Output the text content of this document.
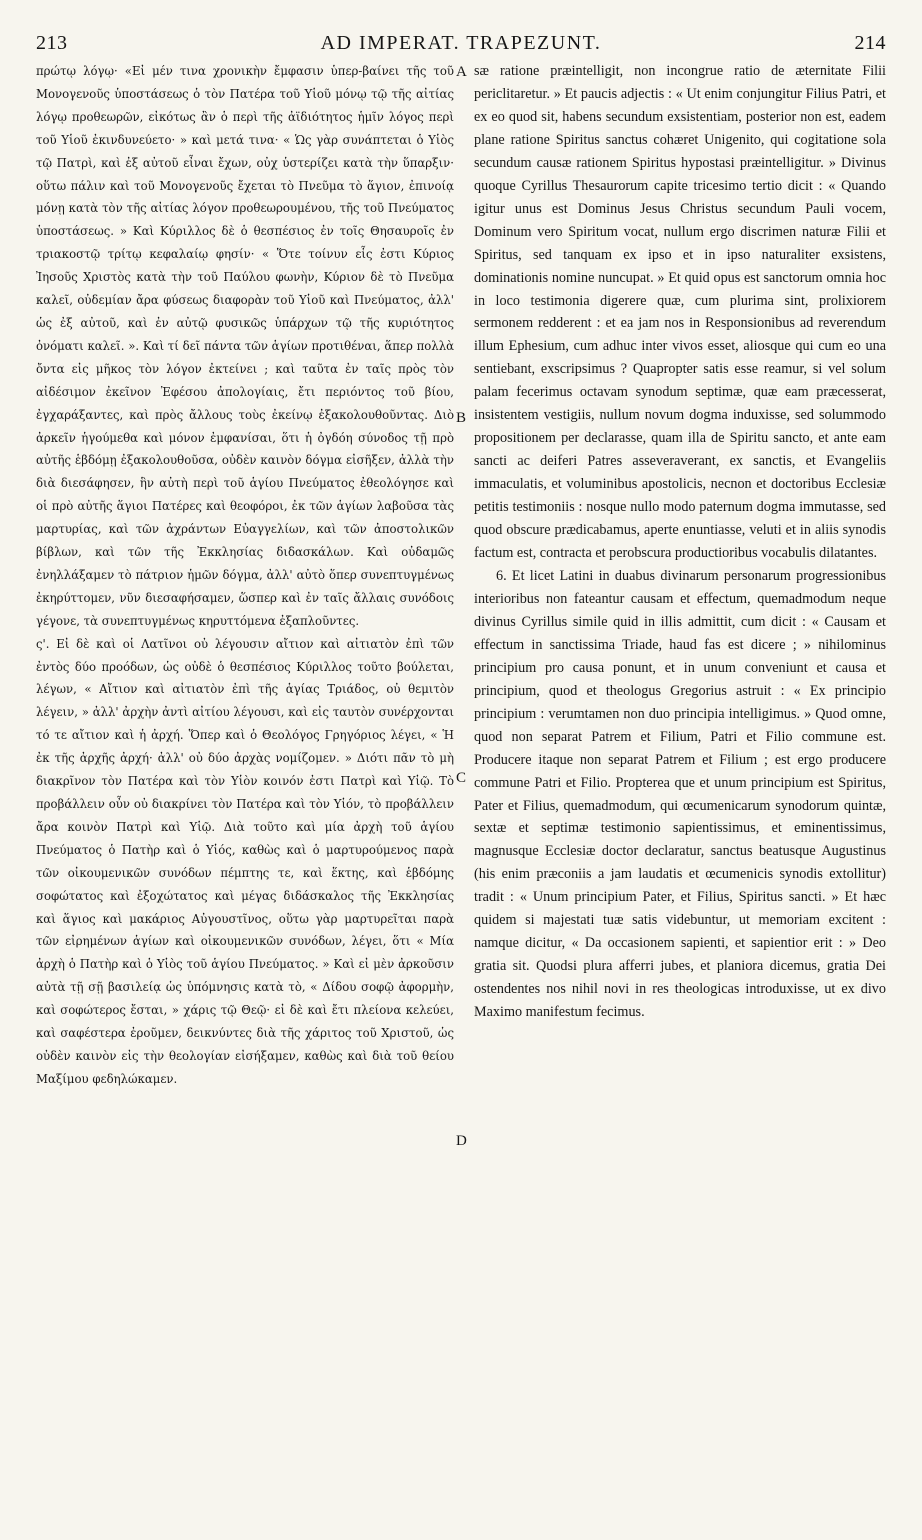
213	AD IMPERAT. TRAPEZUNT.	214

πρώτῳ λόγῳ· «Εἰ μέν τινα χρονικὴν ἔμφασιν ὑπερ-βαίνει τῆς τοῦ Μονογενοῦς ὑποστάσεως ὁ τὸν Πατέρα τοῦ Υἱοῦ μόνῳ τῷ τῆς αἰτίας λόγῳ προθεωρῶν, εἰκότως ἂν ὁ περὶ τῆς ἀϊδιότητος ἡμῖν λόγος περὶ τοῦ Υἱοῦ ἐκινδυνεύετο· » καὶ μετά τινα· « Ὡς γὰρ συνάπτεται ὁ Υἱὸς τῷ Πατρὶ, καὶ ἐξ αὐτοῦ εἶναι ἔχων, οὐχ ὑστερίζει κατὰ τὴν ὕπαρξιν· οὕτω πάλιν καὶ τοῦ Μονογενοῦς ἔχεται τὸ Πνεῦμα τὸ ἅγιον, ἐπινοίᾳ μόνῃ κατὰ τὸν τῆς αἰτίας λόγον προθεωρουμένου, τῆς τοῦ Πνεύματος ὑποστάσεως. » Καὶ Κύριλλος δὲ ὁ θεσπέσιος ἐν τοῖς Θησαυροῖς ἐν τριακοστῷ τρίτῳ κεφαλαίῳ φησίν· « Ὅτε τοίνυν εἷς ἐστι Κύριος Ἰησοῦς Χριστὸς κατὰ τὴν τοῦ Παύλου φωνὴν, Κύριον δὲ τὸ Πνεῦμα καλεῖ, οὐδεμίαν ἄρα φύσεως διαφορὰν τοῦ Υἱοῦ καὶ Πνεύματος, ἀλλ' ὡς ἐξ αὐτοῦ, καὶ ἐν αὐτῷ φυσικῶς ὑπάρχων τῷ τῆς κυριότητος ὀνόματι καλεῖ. ». Καὶ τί δεῖ πάντα τῶν ἁγίων προτιθέναι, ἅπερ πολλὰ ὄντα εἰς μῆκος τὸν λόγον ἐκτείνει ; καὶ ταῦτα ἐν ταῖς πρὸς τὸν αἰδέσιμον ἐκεῖνον Ἐφέσου ἀπολογίαις, ἔτι περιόντος τοῦ βίου, ἐγχαράξαντες, καὶ πρὸς ἄλλους τοὺς ἐκείνῳ ἐξακολουθοῦντας. Διὸ ἀρκεῖν ἡγούμεθα καὶ μόνον ἐμφανίσαι, ὅτι ἡ ὀγδόη σύνοδος τῇ πρὸ αὐτῆς ἑβδόμῃ ἐξακολουθοῦσα, οὐδὲν καινὸν δόγμα εἰσῆξεν, ἀλλὰ τὴν διὰ διεσάφησεν, ἣν αὐτὴ περὶ τοῦ ἁγίου Πνεύματος ἐθεολόγησε καὶ οἱ πρὸ αὐτῆς ἅγιοι Πατέρες καὶ θεοφόροι, ἐκ τῶν ἁγίων λαβοῦσα τὰς μαρτυρίας, καὶ τῶν ἀχράντων Εὐαγγελίων, καὶ τῶν ἀποστολικῶν βίβλων, καὶ τῶν τῆς Ἐκκλησίας διδασκάλων. Καὶ οὐδαμῶς ἐνηλλάξαμεν τὸ πάτριον ἡμῶν δόγμα, ἀλλ' αὐτὸ ὅπερ συνεπτυγμένως ἐκηρύττομεν, νῦν διεσαφήσαμεν, ὥσπερ καὶ ἐν ταῖς ἄλλαις συνόδοις γέγονε, τὰ συνεπτυγμένως κηρυττόμενα ἐξαπλοῦντες.

ς'. Εἰ δὲ καὶ οἱ Λατῖνοι οὐ λέγουσιν αἴτιον καὶ αἰτιατὸν ἐπὶ τῶν ἐντὸς δύο προόδων, ὡς οὐδὲ ὁ θεσπέσιος Κύριλλος τοῦτο βούλεται, λέγων, « Αἴτιον καὶ αἰτιατὸν ἐπὶ τῆς ἁγίας Τριάδος, οὐ θεμιτὸν λέγειν, » ἀλλ' ἀρχὴν ἀντὶ αἰτίου λέγουσι, καὶ εἰς ταυτὸν συνέρχονται τό τε αἴτιον καὶ ἡ ἀρχή. Ὅπερ καὶ ὁ Θεολόγος Γρηγόριος λέγει, « Ἡ ἐκ τῆς ἀρχῆς ἀρχή· ἀλλ' οὐ δύο ἀρχὰς νομίζομεν. » Διότι πᾶν τὸ μὴ διακρῖνον τὸν Πατέρα καὶ τὸν Υἱὸν κοινόν ἐστι Πατρὶ καὶ Υἱῷ. Τὸ προβάλλειν οὖν οὐ διακρίνει τὸν Πατέρα καὶ τὸν Υἱόν, τὸ προβάλλειν ἄρα κοινὸν Πατρὶ καὶ Υἱῷ. Διὰ τοῦτο καὶ μία ἀρχὴ τοῦ ἁγίου Πνεύματος ὁ Πατὴρ καὶ ὁ Υἱός, καθὼς καὶ ὁ μαρτυρούμενος παρὰ τῶν οἰκουμενικῶν συνόδων πέμπτης τε, καὶ ἕκτης, καὶ ἑβδόμης σοφώτατος καὶ ἐξοχώτατος καὶ μέγας διδάσκαλος τῆς Ἐκκλησίας καὶ ἅγιος καὶ μακάριος Αὐγουστῖνος, οὕτω γὰρ μαρτυρεῖται παρὰ τῶν εἰρημένων ἁγίων καὶ οἰκουμενικῶν συνόδων, λέγει, ὅτι « Μία ἀρχὴ ὁ Πατὴρ καὶ ὁ Υἱὸς τοῦ ἁγίου Πνεύματος. » Καὶ εἰ μὲν ἀρκοῦσιν αὐτὰ τῇ σῇ βασιλείᾳ ὡς ὑπόμνησις κατὰ τὸ, « Δίδου σοφῷ ἀφορμὴν, καὶ σοφώτερος ἔσται, » χάρις τῷ Θεῷ· εἰ δὲ καὶ ἔτι πλείονα κελεύει, καὶ σαφέστερα ἐροῦμεν, δεικνύντες διὰ τῆς χάριτος τοῦ Χριστοῦ, ὡς οὐδὲν καινὸν εἰς τὴν θεολογίαν εἰσήξαμεν, καθὼς καὶ διὰ τοῦ θείου Μαξίμου φεδηλώκαμεν.

A
B
C
D

sæ ratione præintelligit, non incongrue ratio de æternitate Filii periclitaretur. » Et paucis adjectis : « Ut enim conjungitur Filius Patri, et ex eo quod sit, habens secundum exsistentiam, posterior non est, eadem plane ratione Spiritus sanctus cohæret Unigenito, qui cogitatione sola secundum causæ rationem Spiritus hypostasi præintelligitur. » Divinus quoque Cyrillus Thesaurorum capite tricesimo tertio dicit : « Quando igitur unus est Dominus Jesus Christus secundum Pauli vocem, Dominum vero Spiritum vocat, nullum ergo discrimen naturæ Filii et Spiritus, sed tanquam ex ipso et in ipso naturaliter exsistens, dominationis nomine nuncupat. » Et quid opus est sanctorum omnia hoc in loco testimonia digerere quæ, cum plurima sint, prolixiorem sermonem redderent : et ea jam nos in Responsionibus ad reverendum illum Ephesium, cum adhuc inter vivos esset, aliosque qui cum eo una sentiebant, exscripsimus ? Quapropter satis esse reamur, si vel solum palam fecerimus octavam synodum septimæ, quæ eam præcesserat, insistentem vestigiis, nullum novum dogma induxisse, sed solummodo propositionem per declarasse, quam illa de Spiritu sancto, et ante eam sancti ac deiferi Patres asseveraverant, ex sanctis, et Evangeliis immaculatis, et voluminibus apostolicis, necnon et doctoribus Ecclesiæ petitis testimoniis : nosque nullo modo paternum dogma immutasse, sed quod obscure prædicabamus, aperte enuntiasse, veluti et in aliis synodis factum est, contracta et perobscura productioribus vocabulis dilatantes.

6. Et licet Latini in duabus divinarum personarum progressionibus interioribus non fateantur causam et effectum, quemadmodum neque divinus Cyrillus simile quid in illis admittit, cum dicit : « Causam et effectum in sanctissima Triade, haud fas est dicere ; » nihilominus principium pro causa ponunt, et in unum conveniunt et causa et principium, quod et theologus Gregorius astruit : « Ex principio principium : verumtamen non duo principia intelligimus. » Quod omne, quod non separat Patrem et Filium, Patri et Filio commune est. Producere itaque non separat Patrem et Filium ; est ergo producere commune Patri et Filio. Propterea que et unum principium est Spiritus, Pater et Filius, quemadmodum, qui œcumenicarum synodorum quintæ, sextæ et septimæ testimonio sapientissimus, et eminentissimus, magnusque Ecclesiæ doctor declaratur, sanctus beatusque Augustinus (his enim præconiis a jam laudatis et œcumenicis synodis extollitur) tradit : « Unum principium Pater, et Filius, Spiritus sancti. » Et hæc quidem si majestati tuæ satis videbuntur, ut memoriam excitent : namque dicitur, « Da occasionem sapienti, et sapientior erit : » Deo gratia sit. Quodsi plura afferri jubes, et planiora dicemus, gratia Dei ostendentes nos nihil novi in res theologicas introduxisse, ut ex divo Maximo manifestum fecimus.
